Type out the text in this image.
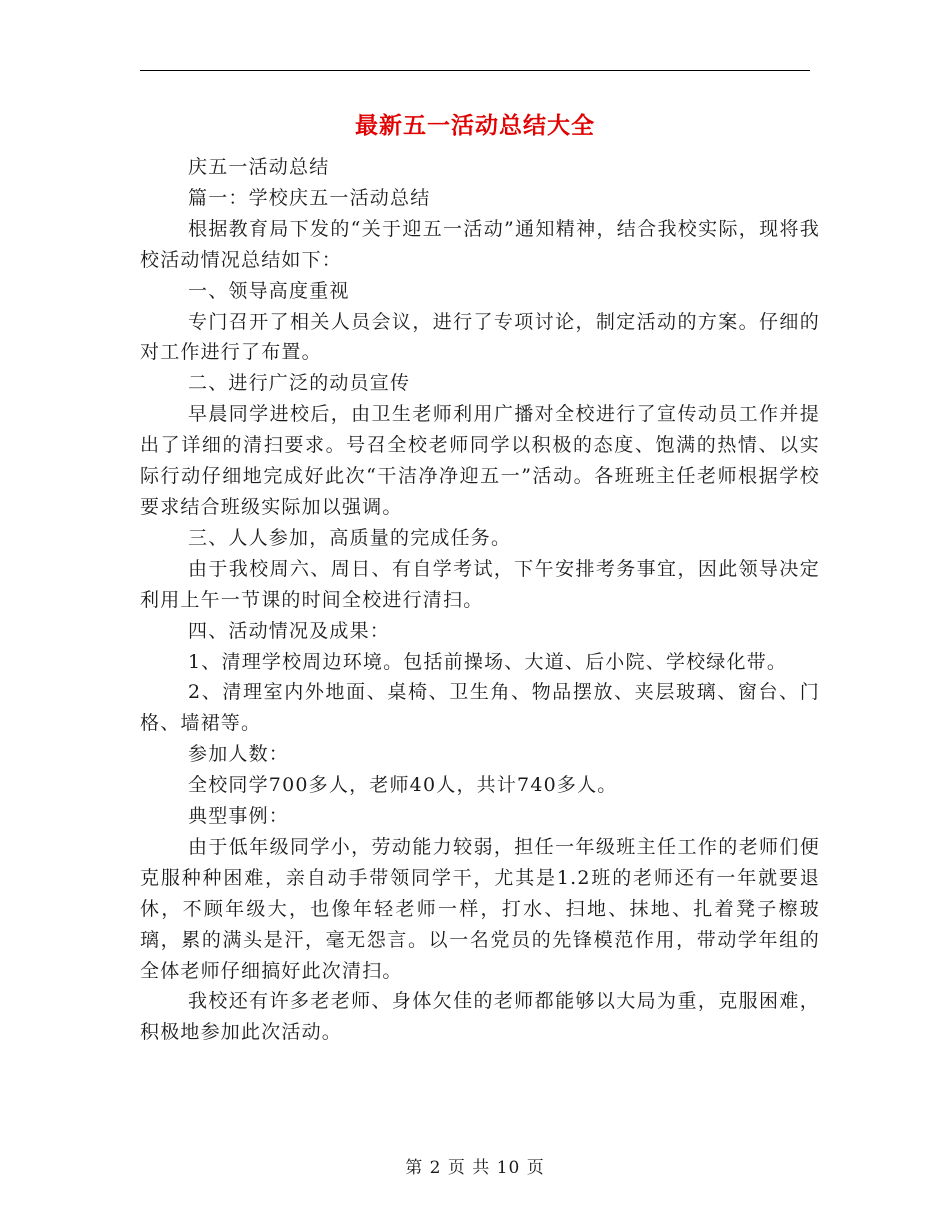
最新五一活动总结大全

庆五一活动总结

篇一：学校庆五一活动总结

根据教育局下发的“关于迎五一活动”通知精神，结合我校实际，现将我校活动情况总结如下：

一、领导高度重视

专门召开了相关人员会议，进行了专项讨论，制定活动的方案。仔细的对工作进行了布置。

二、进行广泛的动员宣传

早晨同学进校后，由卫生老师利用广播对全校进行了宣传动员工作并提出了详细的清扫要求。号召全校老师同学以积极的态度、饱满的热情、以实际行动仔细地完成好此次“干洁净净迎五一”活动。各班班主任老师根据学校要求结合班级实际加以强调。

三、人人参加，高质量的完成任务。

由于我校周六、周日、有自学考试，下午安排考务事宜，因此领导决定利用上午一节课的时间全校进行清扫。

四、活动情况及成果：

1、清理学校周边环境。包括前操场、大道、后小院、学校绿化带。

2、清理室内外地面、桌椅、卫生角、物品摆放、夹层玻璃、窗台、门格、墙裙等。

参加人数：

全校同学700多人，老师40人，共计740多人。

典型事例：

由于低年级同学小，劳动能力较弱，担任一年级班主任工作的老师们便克服种种困难，亲自动手带领同学干，尤其是1.2班的老师还有一年就要退休，不顾年级大，也像年轻老师一样，打水、扫地、抹地、扎着凳子檫玻璃，累的满头是汗，毫无怨言。以一名党员的先锋模范作用，带动学年组的全体老师仔细搞好此次清扫。

我校还有许多老老师、身体欠佳的老师都能够以大局为重，克服困难，积极地参加此次活动。

第 2 页 共 10 页
